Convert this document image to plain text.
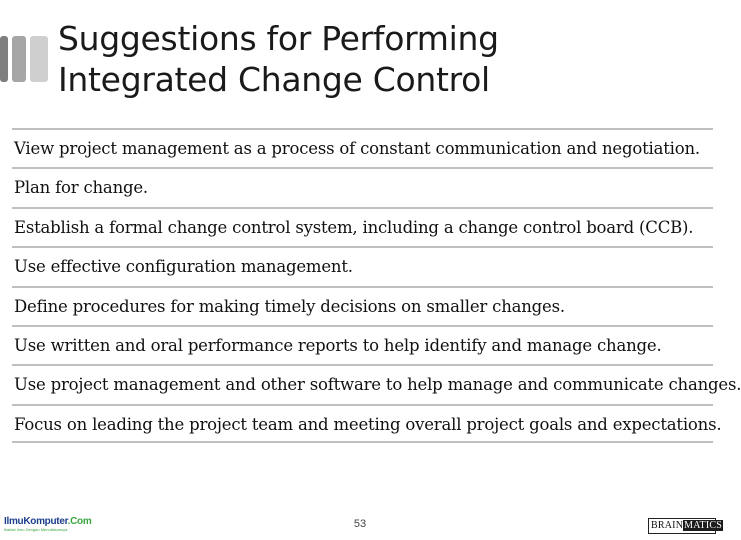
Suggestions for Performing
Integrated Change Control
View project management as a process of constant communication and negotiation.
Plan for change.
Establish a formal change control system, including a change control board (CCB).
Use effective configuration management.
Define procedures for making timely decisions on smaller changes.
Use written and oral performance reports to help identify and manage change.
Use project management and other software to help manage and communicate changes.
Focus on leading the project team and meeting overall project goals and expectations.
IlmuKomputer.Com
Ikatlah Ilmu Dengan Menuliskannya	53	BRAINMATICS
